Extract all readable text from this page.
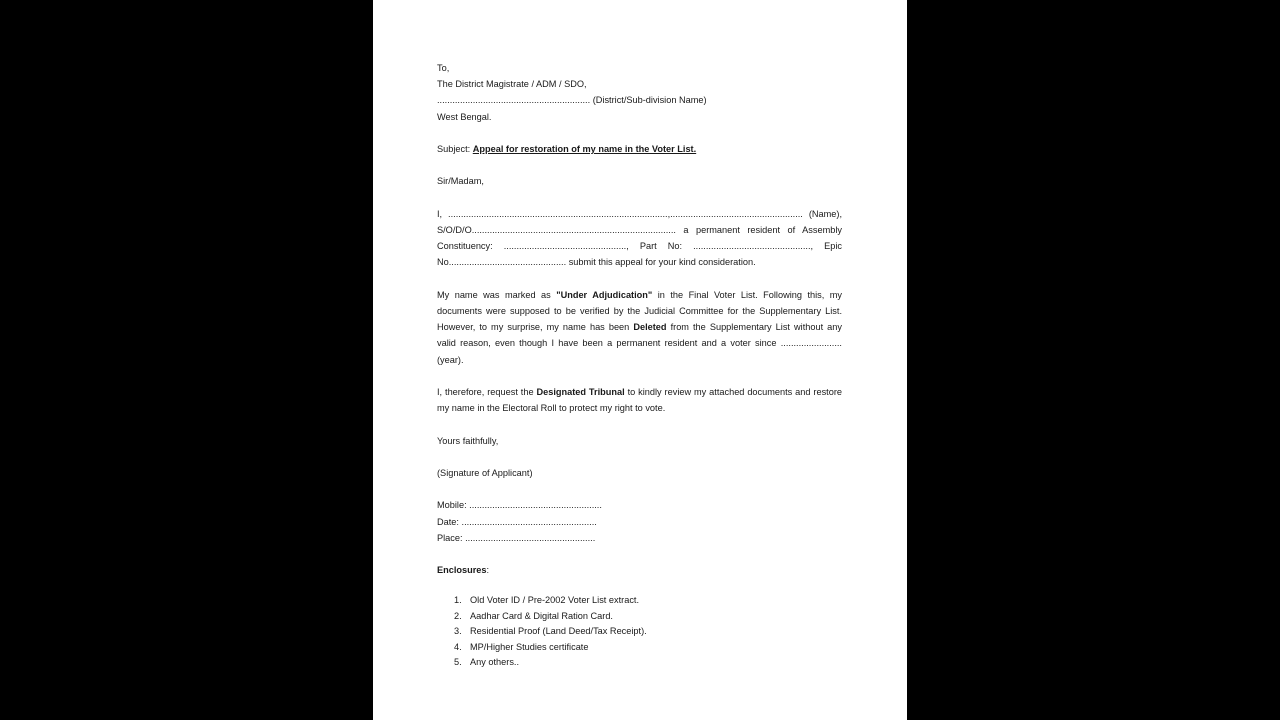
To,

The District Magistrate / ADM / SDO,

............................................................ (District/Sub-division Name)

West Bengal.

Subject: Appeal for restoration of my name in the Voter List.

Sir/Madam,

I, ......................................................................................,.................................................... (Name),

S/O/D/O................................................................................ a permanent resident of Assembly

Constituency: ................................................, Part No: .............................................., Epic

No.............................................. submit this appeal for your kind consideration.

My name was marked as "Under Adjudication" in the Final Voter List. Following this, my documents were supposed to be verified by the Judicial Committee for the Supplementary List. However, to my surprise, my name has been Deleted from the Supplementary List without any valid reason, even though I have been a permanent resident and a voter since ........................ (year).

I, therefore, request the Designated Tribunal to kindly review my attached documents and restore my name in the Electoral Roll to protect my right to vote.

Yours faithfully,

(Signature of Applicant)

Mobile: ....................................................

Date: .....................................................

Place: ...................................................

Enclosures:

1. Old Voter ID / Pre-2002 Voter List extract.
2. Aadhar Card & Digital Ration Card.
3. Residential Proof (Land Deed/Tax Receipt).
4. MP/Higher Studies certificate
5. Any others..
